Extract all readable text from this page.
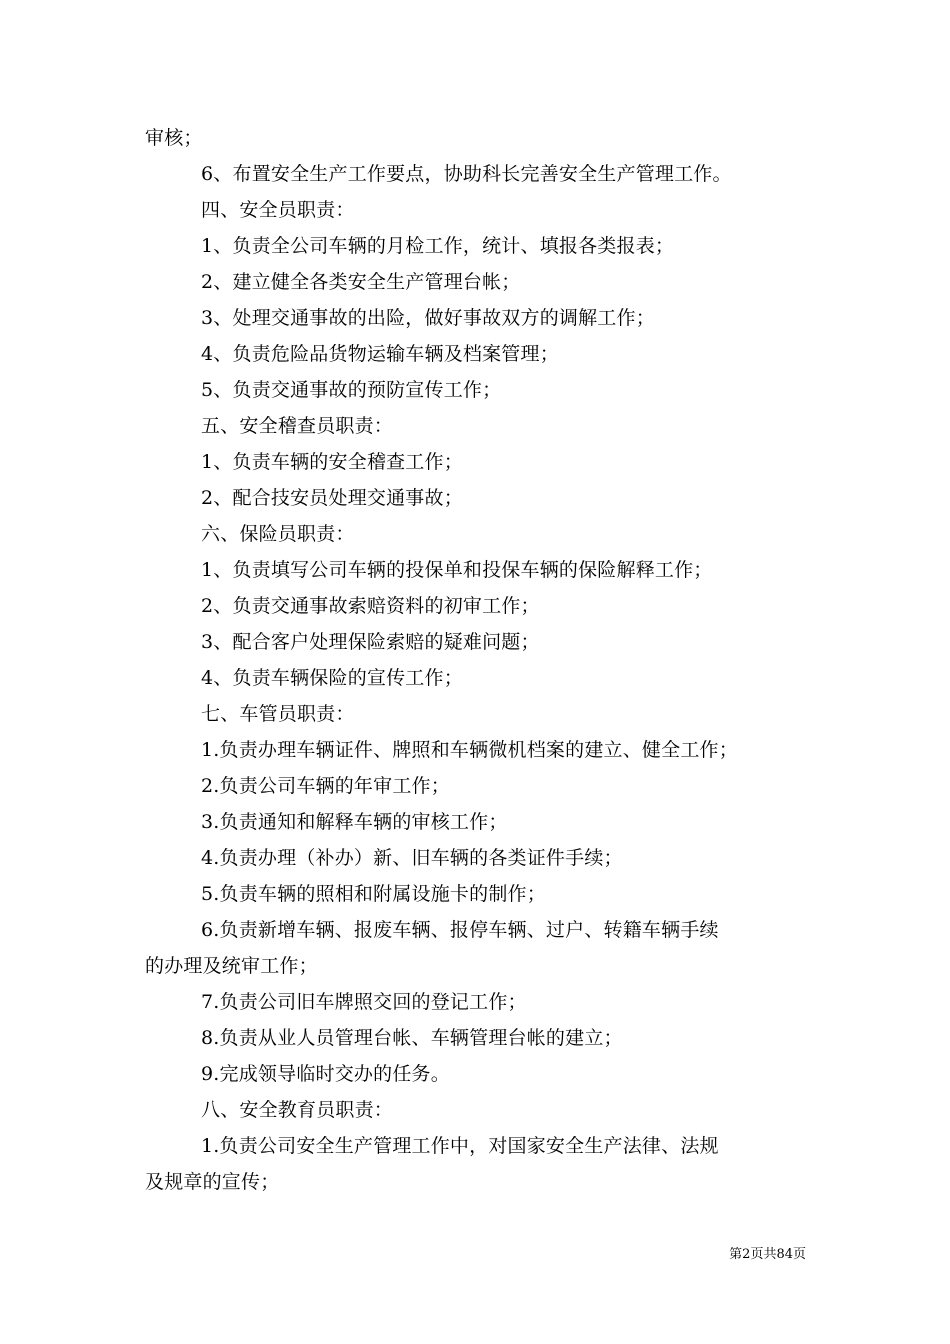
审核；
6、布置安全生产工作要点，协助科长完善安全生产管理工作。
四、安全员职责：
1、负责全公司车辆的月检工作，统计、填报各类报表；
2、建立健全各类安全生产管理台帐；
3、处理交通事故的出险，做好事故双方的调解工作；
4、负责危险品货物运输车辆及档案管理；
5、负责交通事故的预防宣传工作；
五、安全稽查员职责：
1、负责车辆的安全稽查工作；
2、配合技安员处理交通事故；
六、保险员职责：
1、负责填写公司车辆的投保单和投保车辆的保险解释工作；
2、负责交通事故索赔资料的初审工作；
3、配合客户处理保险索赔的疑难问题；
4、负责车辆保险的宣传工作；
七、车管员职责：
1.负责办理车辆证件、牌照和车辆微机档案的建立、健全工作；
2.负责公司车辆的年审工作；
3.负责通知和解释车辆的审核工作；
4.负责办理（补办）新、旧车辆的各类证件手续；
5.负责车辆的照相和附属设施卡的制作；
6.负责新增车辆、报废车辆、报停车辆、过户、转籍车辆手续
的办理及统审工作；
7.负责公司旧车牌照交回的登记工作；
8.负责从业人员管理台帐、车辆管理台帐的建立；
9.完成领导临时交办的任务。
八、安全教育员职责：
1.负责公司安全生产管理工作中，对国家安全生产法律、法规
及规章的宣传；
第2页共84页
